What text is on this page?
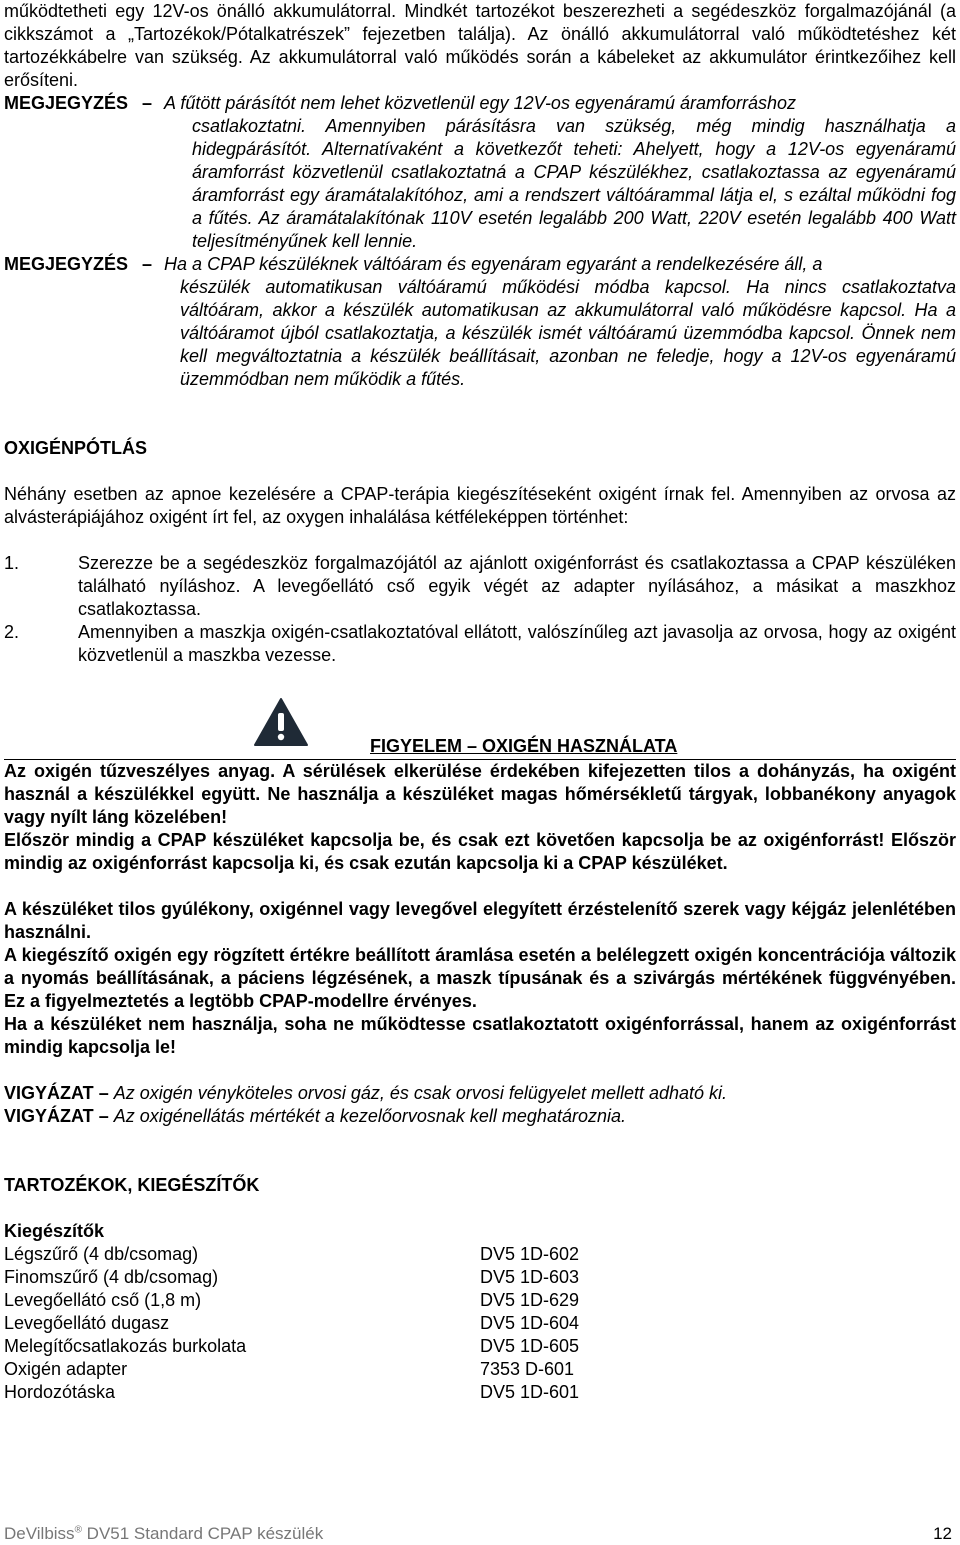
működtetheti egy 12V-os önálló akkumulátorral. Mindkét tartozékot beszerezheti a segédeszköz forgalmazójánál (a cikkszámot a „Tartozékok/Pótalkatrészek” fejezetben találja). Az önálló akkumulátorral való működtetéshez két tartozékkábelre van szükség. Az akkumulátorral való működés során a kábeleket az akkumulátor érintkezőihez kell erősíteni.

MEGJEGYZÉS – A fűtött párásítót nem lehet közvetlenül egy 12V-os egyenáramú áramforráshoz
csatlakoztatni. Amennyiben párásításra van szükség, még mindig használhatja a hidegpárásítót. Alternatívaként a következőt teheti: Ahelyett, hogy a 12V-os egyenáramú áramforrást közvetlenül csatlakoztatná a CPAP készülékhez, csatlakoztassa az egyenáramú áramforrást egy áramátalakítóhoz, ami a rendszert váltóárammal látja el, s ezáltal működni fog a fűtés. Az áramátalakítónak 110V esetén legalább 200 Watt, 220V esetén legalább 400 Watt teljesítményűnek kell lennie.
MEGJEGYZÉS – Ha a CPAP készüléknek váltóáram és egyenáram egyaránt a rendelkezésére áll, a
készülék automatikusan váltóáramú működési módba kapcsol. Ha nincs csatlakoztatva váltóáram, akkor a készülék automatikusan az akkumulátorral való működésre kapcsol. Ha a váltóáramot újból csatlakoztatja, a készülék ismét váltóáramú üzemmódba kapcsol. Önnek nem kell megváltoztatnia a készülék beállításait, azonban ne feledje, hogy a 12V-os egyenáramú üzemmódban nem működik a fűtés.

OXIGÉNPÓTLÁS

Néhány esetben az apnoe kezelésére a CPAP-terápia kiegészítéseként oxigént írnak fel. Amennyiben az orvosa az alvásterápiájához oxigént írt fel, az oxygen inhalálása kétféleképpen történhet:

1.	Szerezze be a segédeszköz forgalmazójától az ajánlott oxigénforrást és csatlakoztassa a CPAP készüléken található nyíláshoz. A levegőellátó cső egyik végét az adapter nyílásához, a másikat a maszkhoz csatlakoztassa.
2.	Amennyiben a maszkja oxigén-csatlakoztatóval ellátott, valószínűleg azt javasolja az orvosa, hogy az oxigént közvetlenül a maszkba vezesse.
FIGYELEM – OXIGÉN HASZNÁLATA

Az oxigén tűzveszélyes anyag. A sérülések elkerülése érdekében kifejezetten tilos a dohányzás, ha oxigént használ a készülékkel együtt. Ne használja a készüléket magas hőmérsékletű tárgyak, lobbanékony anyagok vagy nyílt láng közelében!

Először mindig a CPAP készüléket kapcsolja be, és csak ezt követően kapcsolja be az oxigénforrást! Először mindig az oxigénforrást kapcsolja ki, és csak ezután kapcsolja ki a CPAP készüléket.

A készüléket tilos gyúlékony, oxigénnel vagy levegővel elegyített érzéstelenítő szerek vagy kéjgáz jelenlétében használni.

A kiegészítő oxigén egy rögzített értékre beállított áramlása esetén a belélegzett oxigén koncentrációja változik a nyomás beállításának, a páciens légzésének, a maszk típusának és a szivárgás mértékének függvényében. Ez a figyelmeztetés a legtöbb CPAP-modellre érvényes.

Ha a készüléket nem használja, soha ne működtesse csatlakoztatott oxigénforrással, hanem az oxigénforrást mindig kapcsolja le!

VIGYÁZAT – Az oxigén vényköteles orvosi gáz, és csak orvosi felügyelet mellett adható ki.
VIGYÁZAT – Az oxigénellátás mértékét a kezelőorvosnak kell meghatároznia.

TARTOZÉKOK, KIEGÉSZÍTŐK

Kiegészítők

Légszűrő (4 db/csomag)	DV5 1D-602
Finomszűrő (4 db/csomag)	DV5 1D-603
Levegőellátó cső (1,8 m)	DV5 1D-629
Levegőellátó dugasz	DV5 1D-604
Melegítőcsatlakozás burkolata	DV5 1D-605
Oxigén adapter	7353 D-601
Hordozótáska	DV5 1D-601
DeVilbiss® DV51 Standard CPAP készülék	12
